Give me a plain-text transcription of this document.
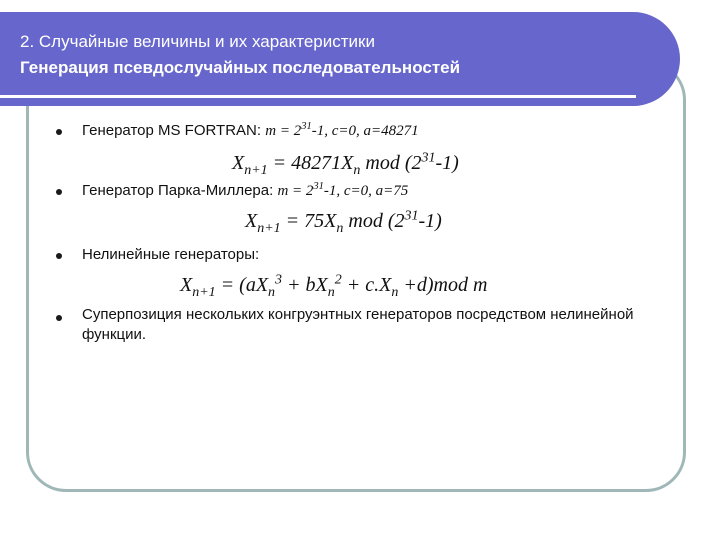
2. Случайные величины и их характеристики
Генерация псевдослучайных последовательностей
Генератор MS FORTRAN: $m = 2^{31}-1$, c=0, a=48271
$X_{n+1} = 48271X_n$ mod $(2^{31}-1)$
Генератор Парка-Миллера: $m = 2^{31}-1$, c=0, a=75
$X_{n+1} = 75X_n$ mod $(2^{31}-1)$
Нелинейные генераторы:
$X_{n+1} = (aX_n^3 + bX_n^2 + c.X_n +d)mod$ m
Суперпозиция нескольких конгруэнтных генераторов посредством нелинейной функции.
